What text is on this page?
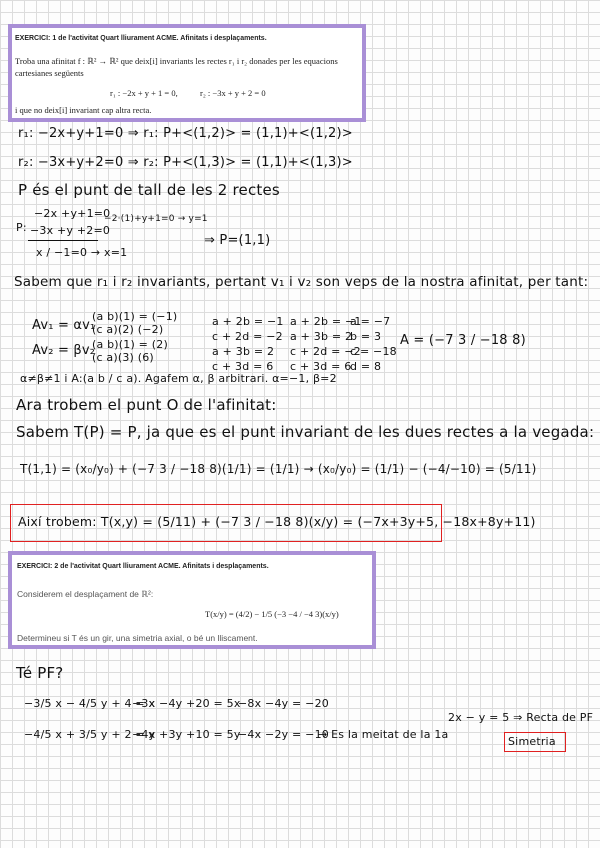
EXERCICI: 1 de l'activitat Quart lliurament ACME. Afinitats i desplaçaments.
Troba una afinitat f : ℝ² → ℝ² que deix[i] invariants les rectes r₁ i r₂ donades per les equacions
cartesianes següents
r₁ : −2x + y + 1 = 0,	r₂ : −3x + y + 2 = 0
i que no deix[i] invariant cap altra recta.
r₁: −2x+y+1=0 ⇒ r₁: P+<(1,2)> = (1,1)+<(1,2)>
r₂: −3x+y+2=0 ⇒ r₂: P+<(1,3)> = (1,1)+<(1,3)>
P és el punt de tall de les 2 rectes
−2x +y+1=0
P: −3x +y +2=0
−2·(1)+y+1=0 → y=1
x / −1=0 → x=1
⇒ P=(1,1)
Sabem que r₁ i r₂ invariants, pertant v₁ i v₂ son veps de la nostra afinitat, per tant:
Av₁ = αv₁
Av₂ = βv₂
(a b)(1) = (−1)
(c a)(2) (−2)
(a b)(1) = (2)
(c a)(3) (6)
a + 2b = −1
c + 2d = −2
a + 3b = 2
c + 3d = 6
a + 2b = −1
a + 3b = 2
c + 2d = −2
c + 3d = 6
a = −7
b = 3
c = −18
d = 8
A = (−7 3 / −18 8)
α≠β≠1 i A:(a b / c a). Agafem α, β arbitrari. α=−1, β=2
Ara trobem el punt O de l'afinitat:
Sabem T(P) = P, ja que es el punt invariant de les dues rectes a la vegada:
T(1,1) = (x₀/y₀) + (−7 3 / −18 8)(1/1) = (1/1) → (x₀/y₀) = (1/1) − (−4/−10) = (5/11)
Així trobem: T(x,y) = (5/11) + (−7 3 / −18 8)(x/y) = (−7x+3y+5, −18x+8y+11)
EXERCICI: 2 de l'activitat Quart lliurament ACME. Afinitats i desplaçaments.
Considerem el desplaçament de ℝ²:
T(x/y) = (4/2) − 1/5 (−3 −4 / −4 3)(x/y)
Determineu si T és un gir, una simetria axial, o bé un lliscament.
Té PF?
−3/5 x − 4/5 y + 4 = x
−4/5 x + 3/5 y + 2 = y
−3x −4y +20 = 5x
−4x +3y +10 = 5y
−8x −4y = −20
−4x −2y = −10
→ Es la meitat de la 1a
2x − y = 5 ⇒ Recta de PF
Simetria
